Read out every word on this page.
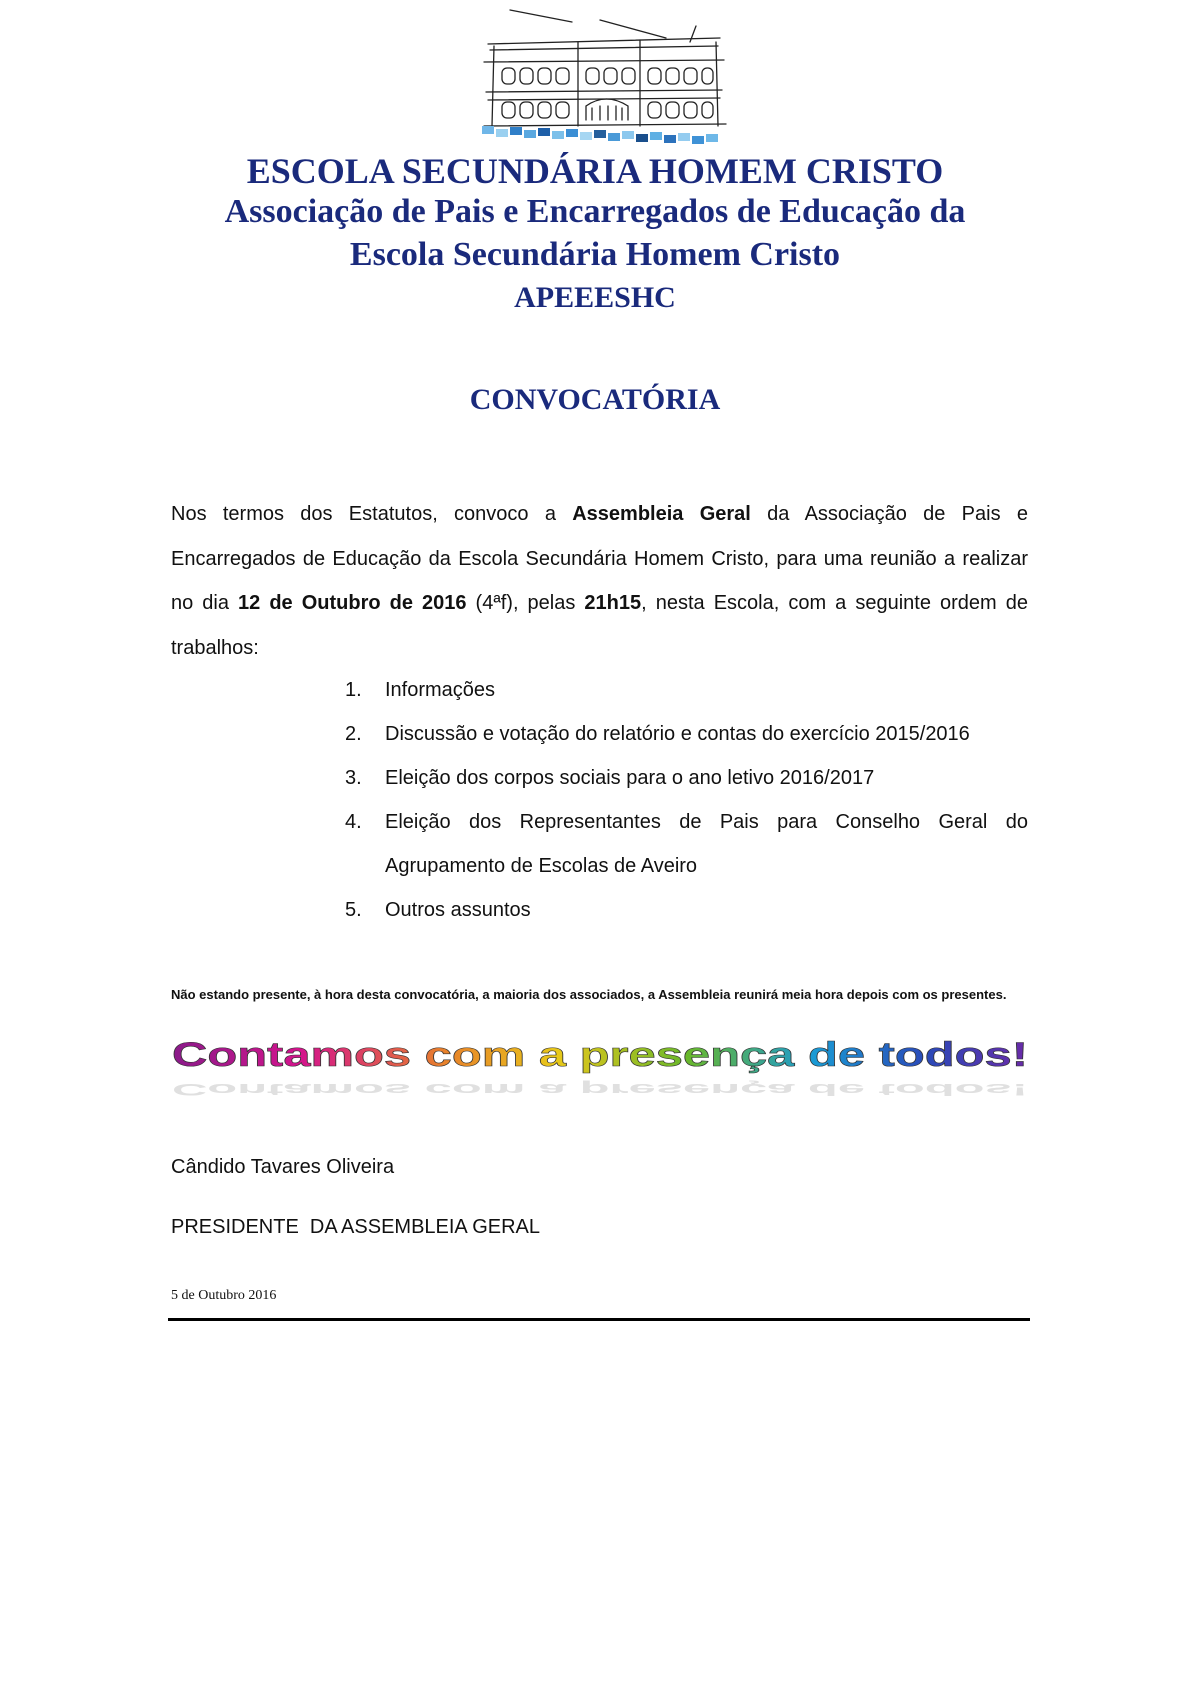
ESCOLA SECUNDÁRIA HOMEM CRISTO
Associação de Pais e Encarregados de Educação da
Escola Secundária Homem Cristo
APEEESHC
CONVOCATÓRIA
Nos termos dos Estatutos, convoco a Assembleia Geral da Associação de Pais e Encarregados de Educação da Escola Secundária Homem Cristo, para uma reunião a realizar no dia 12 de Outubro de 2016 (4ªf), pelas 21h15, nesta Escola, com a seguinte ordem de trabalhos:
1.	Informações
2.	Discussão e votação do relatório e contas do exercício 2015/2016
3.	Eleição dos corpos sociais para o ano letivo 2016/2017
4.	Eleição dos Representantes de Pais para Conselho Geral do Agrupamento de Escolas de Aveiro
5.	Outros assuntos
Não estando presente, à hora desta convocatória, a maioria dos associados, a Assembleia reunirá meia hora depois com os presentes.
Contamos com a presença de todos!
Contamos com a presença de todos!
Cândido Tavares Oliveira
PRESIDENTE  DA ASSEMBLEIA GERAL
5 de Outubro 2016
